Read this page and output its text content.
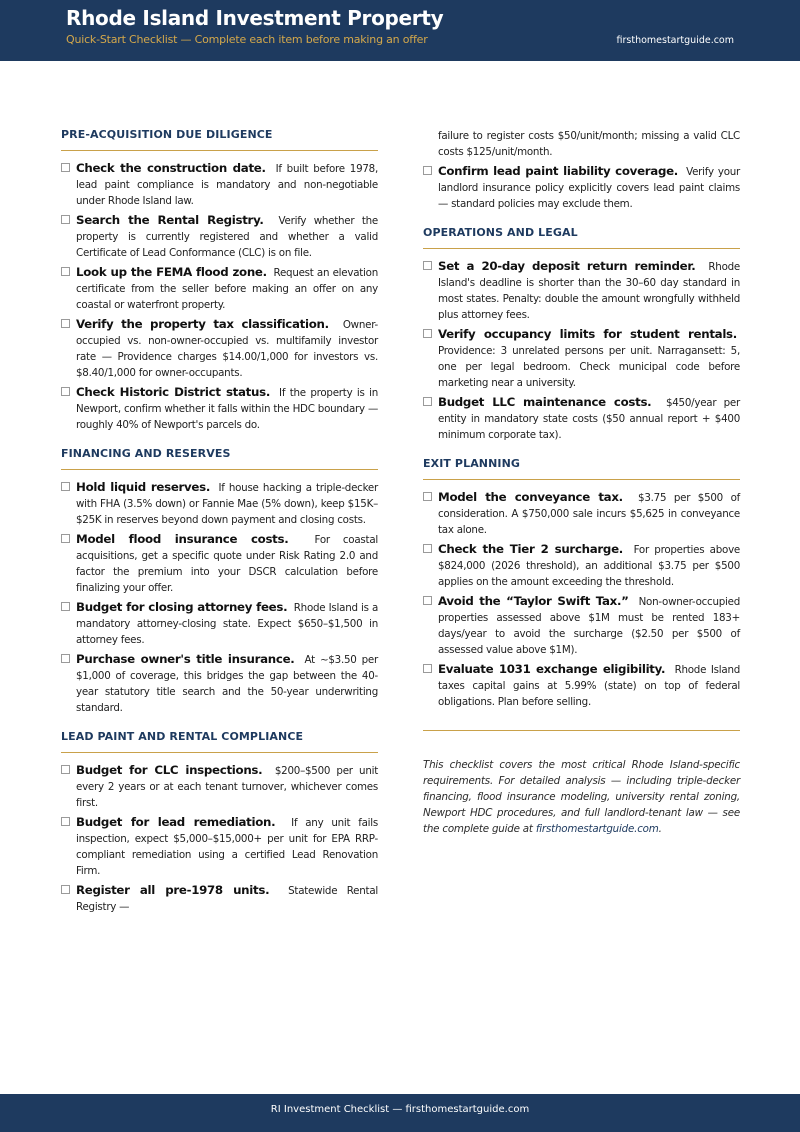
Rhode Island Investment Property
Quick-Start Checklist — Complete each item before making an offer	firsthomestartguide.com
PRE-ACQUISITION DUE DILIGENCE
Check the construction date. If built before 1978, lead paint compliance is mandatory and non-negotiable under Rhode Island law.
Search the Rental Registry. Verify whether the property is currently registered and whether a valid Certificate of Lead Conformance (CLC) is on file.
Look up the FEMA flood zone. Request an elevation certificate from the seller before making an offer on any coastal or waterfront property.
Verify the property tax classification. Owner-occupied vs. non-owner-occupied vs. multifamily investor rate — Providence charges $14.00/1,000 for investors vs. $8.40/1,000 for owner-occupants.
Check Historic District status. If the property is in Newport, confirm whether it falls within the HDC boundary — roughly 40% of Newport's parcels do.
FINANCING AND RESERVES
Hold liquid reserves. If house hacking a triple-decker with FHA (3.5% down) or Fannie Mae (5% down), keep $15K–$25K in reserves beyond down payment and closing costs.
Model flood insurance costs.	For coastal acquisitions, get a specific quote under Risk Rating 2.0 and factor the premium into your DSCR calculation before finalizing your offer.
Budget for closing attorney fees. Rhode Island is a mandatory attorney-closing state. Expect $650–$1,500 in attorney fees.
Purchase owner's title insurance. At ∼$3.50 per $1,000 of coverage, this bridges the gap between the 40-year statutory title search and the 50-year underwriting standard.
LEAD PAINT AND RENTAL COMPLIANCE
Budget for CLC inspections. $200–$500 per unit every 2 years or at each tenant turnover, whichever comes first.
Budget for lead remediation. If any unit fails inspection, expect $5,000–$15,000+ per unit for EPA RRP-compliant remediation using a certified Lead Renovation Firm.
Register all pre-1978 units. Statewide Rental Registry —
failure to register costs $50/unit/month; missing a valid CLC costs $125/unit/month.
Confirm lead paint liability coverage. Verify your landlord insurance policy explicitly covers lead paint claims — standard policies may exclude them.
OPERATIONS AND LEGAL
Set a 20-day deposit return reminder. Rhode Island's deadline is shorter than the 30–60 day standard in most states. Penalty: double the amount wrongfully withheld plus attorney fees.
Verify occupancy limits for student rentals.  Providence: 3 unrelated persons per unit. Narragansett: 5, one per legal bedroom. Check municipal code before marketing near a university.
Budget LLC maintenance costs. $450/year per entity in mandatory state costs ($50 annual report + $400 minimum corporate tax).
EXIT PLANNING
Model the conveyance tax. $3.75 per $500 of consideration. A $750,000 sale incurs $5,625 in conveyance tax alone.
Check the Tier 2 surcharge. For properties above $824,000 (2026 threshold), an additional $3.75 per $500 applies on the amount exceeding the threshold.
Avoid the “Taylor Swift Tax.” Non-owner-occupied properties assessed above $1M must be rented 183+ days/year to avoid the surcharge ($2.50 per $500 of assessed value above $1M).
Evaluate 1031 exchange eligibility. Rhode Island taxes capital gains at 5.99% (state) on top of federal obligations. Plan before selling.
This checklist covers the most critical Rhode Island-specific requirements. For detailed analysis — including triple-decker financing, flood insurance modeling, university rental zoning, Newport HDC procedures, and full landlord-tenant law — see the complete guide at firsthomestartguide.com.
RI Investment Checklist — firsthomestartguide.com
